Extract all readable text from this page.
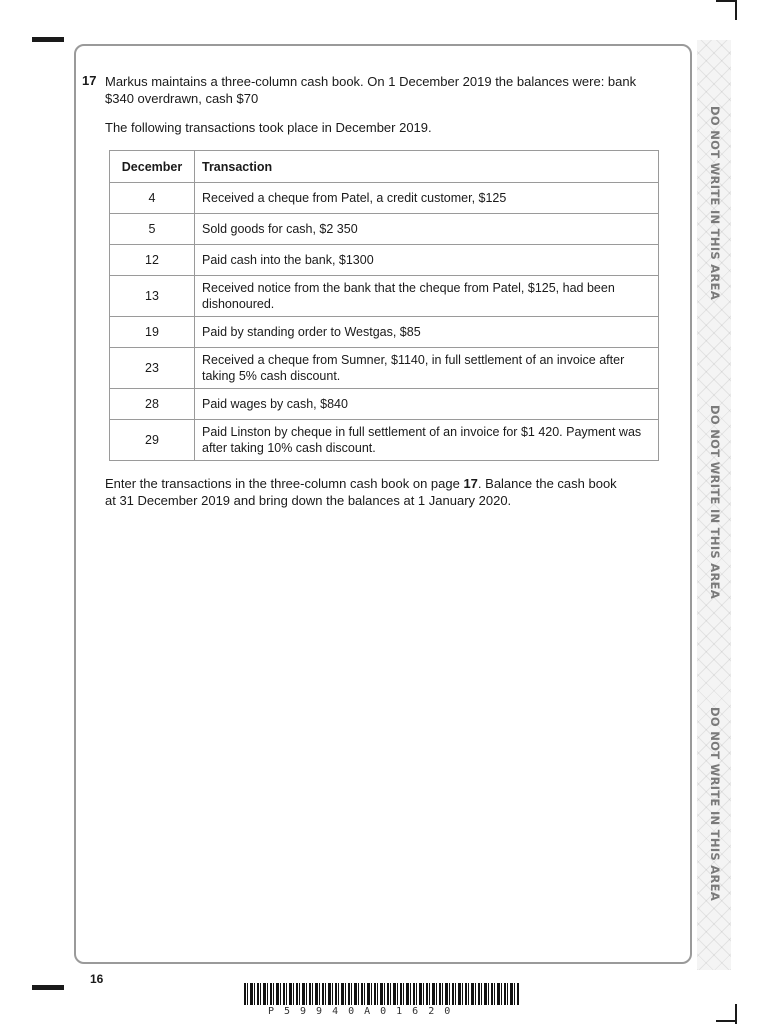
DO NOT WRITE IN THIS AREA
DO NOT WRITE IN THIS AREA
DO NOT WRITE IN THIS AREA
17 Markus maintains a three-column cash book. On 1 December 2019 the balances were: bank $340 overdrawn, cash $70
The following transactions took place in December 2019.
December	Transaction
4	Received a cheque from Patel, a credit customer, $125
5	Sold goods for cash, $2 350
12	Paid cash into the bank, $1300
13	Received notice from the bank that the cheque from Patel, $125, had been dishonoured.
19	Paid by standing order to Westgas, $85
23	Received a cheque from Sumner, $1140, in full settlement of an invoice after taking 5% cash discount.
28	Paid wages by cash, $840
29	Paid Linston by cheque in full settlement of an invoice for $1 420. Payment was after taking 10% cash discount.
Enter the transactions in the three-column cash book on page 17. Balance the cash book at 31 December 2019 and bring down the balances at 1 January 2020.
16
P59940A01620
